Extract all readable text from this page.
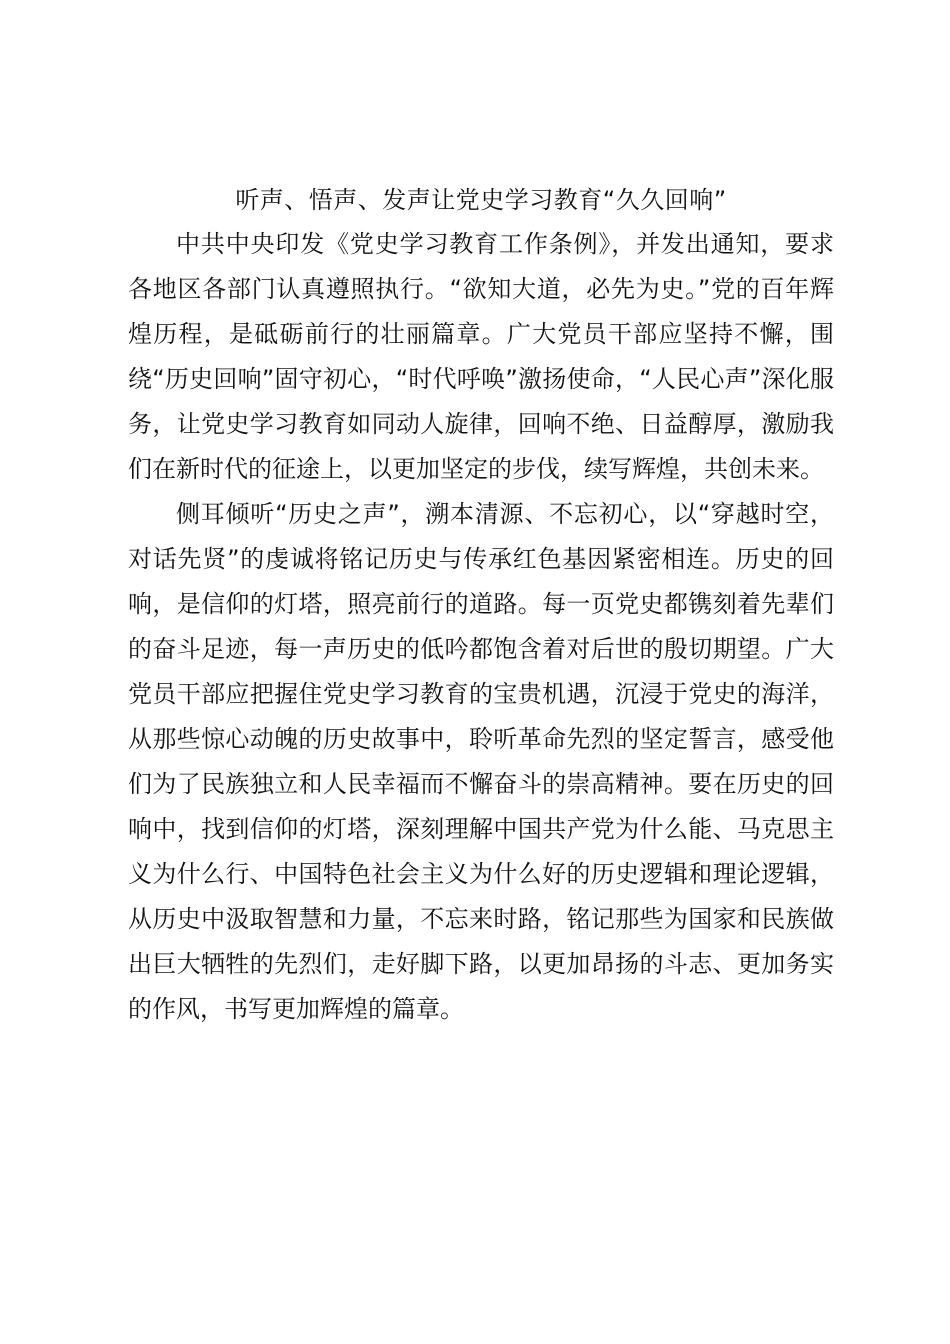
听声、悟声、发声让党史学习教育“久久回响”

中共中央印发《党史学习教育工作条例》，并发出通知，要求各地区各部门认真遵照执行。“欲知大道，必先为史。”党的百年辉煌历程，是砥砺前行的壮丽篇章。广大党员干部应坚持不懈，围绕“历史回响”固守初心，“时代呼唤”激扬使命，“人民心声”深化服务，让党史学习教育如同动人旋律，回响不绝、日益醇厚，激励我们在新时代的征途上，以更加坚定的步伐，续写辉煌，共创未来。

侧耳倾听“历史之声”，溯本清源、不忘初心，以“穿越时空，对话先贤”的虔诚将铭记历史与传承红色基因紧密相连。历史的回响，是信仰的灯塔，照亮前行的道路。每一页党史都镌刻着先辈们的奋斗足迹，每一声历史的低吟都饱含着对后世的殷切期望。广大党员干部应把握住党史学习教育的宝贵机遇，沉浸于党史的海洋，从那些惊心动魄的历史故事中，聆听革命先烈的坚定誓言，感受他们为了民族独立和人民幸福而不懈奋斗的崇高精神。要在历史的回响中，找到信仰的灯塔，深刻理解中国共产党为什么能、马克思主义为什么行、中国特色社会主义为什么好的历史逻辑和理论逻辑，从历史中汲取智慧和力量，不忘来时路，铭记那些为国家和民族做出巨大牺牲的先烈们，走好脚下路，以更加昂扬的斗志、更加务实的作风，书写更加辉煌的篇章。
